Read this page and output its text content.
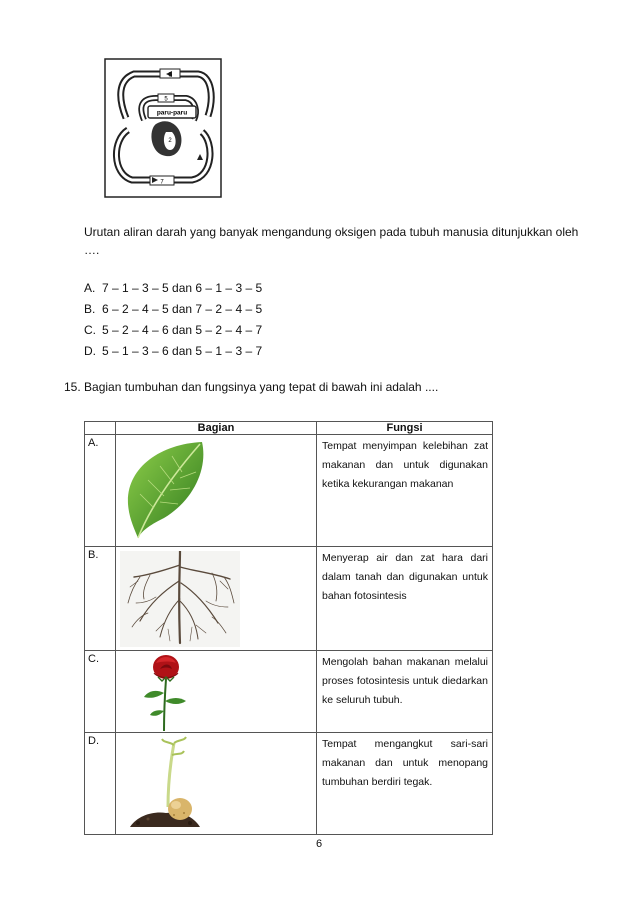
6
5
paru-paru
2
7
Urutan aliran darah yang banyak mengandung oksigen pada tubuh manusia ditunjukkan oleh
….
A. 7 – 1 – 3 – 5 dan 6 – 1 – 3 – 5
B. 6 – 2 – 4 – 5 dan 7 – 2 – 4 – 5
C. 5 – 2 – 4 – 6 dan 5 – 2 – 4 – 7
D. 5 – 1 – 3 – 6 dan 5 – 1 – 3 – 7
15. Bagian tumbuhan dan fungsinya yang tepat di bawah ini adalah ....
	Bagian	Fungsi
A.		Tempat menyimpan kelebihan zat makanan dan untuk digunakan ketika kekurangan makanan
B.		Menyerap air dan zat hara dari dalam tanah dan digunakan untuk bahan fotosintesis
C.		Mengolah bahan makanan melalui proses fotosintesis untuk diedarkan ke seluruh tubuh.
D.		Tempat mengangkut sari-sari makanan dan untuk menopang tumbuhan berdiri tegak.
6
